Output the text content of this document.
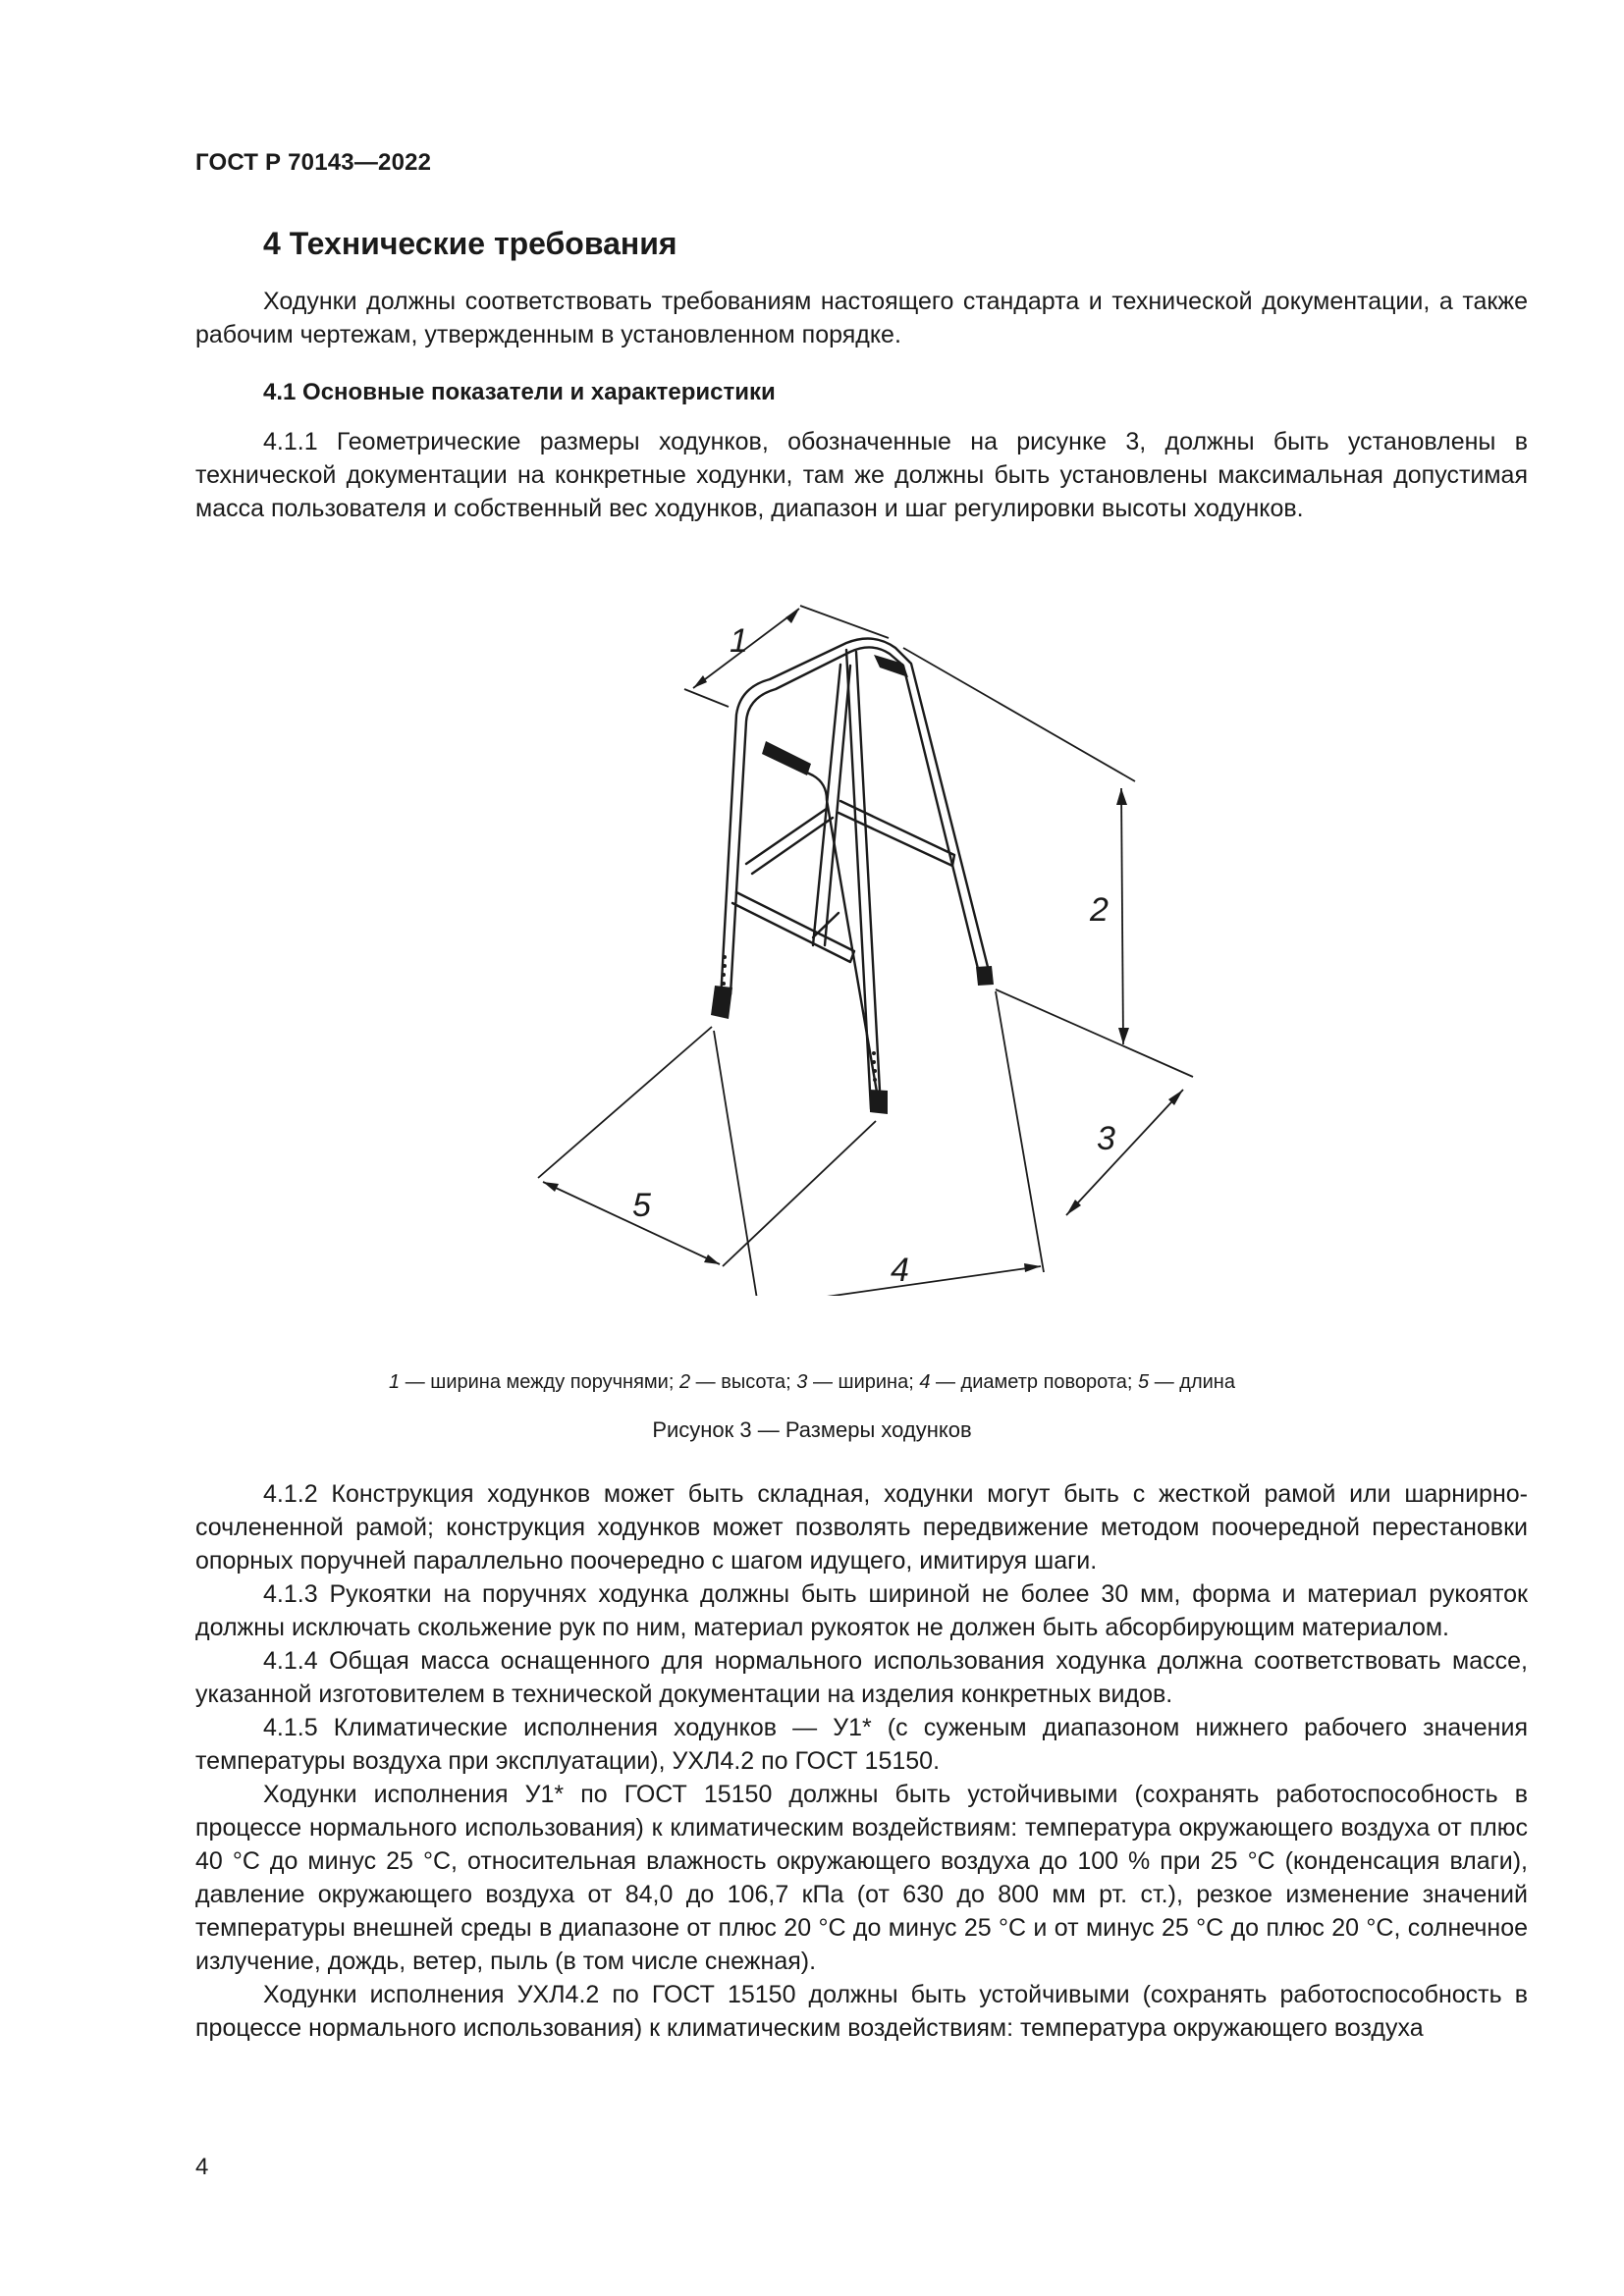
ГОСТ Р 70143—2022
4 Технические требования

Ходунки должны соответствовать требованиям настоящего стандарта и технической документации, а также рабочим чертежам, утвержденным в установленном порядке.

4.1 Основные показатели и характеристики

4.1.1 Геометрические размеры ходунков, обозначенные на рисунке 3, должны быть установлены в технической документации на конкретные ходунки, там же должны быть установлены максимальная допустимая масса пользователя и собственный вес ходунков, диапазон и шаг регулировки высоты ходунков.

1
2
3
4
5
1 — ширина между поручнями; 2 — высота; 3 — ширина; 4 — диаметр поворота; 5 — длина
Рисунок 3 — Размеры ходунков

4.1.2 Конструкция ходунков может быть складная, ходунки могут быть с жесткой рамой или шарнирно-сочлененной рамой; конструкция ходунков может позволять передвижение методом поочередной перестановки опорных поручней параллельно поочередно с шагом идущего, имитируя шаги.

4.1.3 Рукоятки на поручнях ходунка должны быть шириной не более 30 мм, форма и материал рукояток должны исключать скольжение рук по ним, материал рукояток не должен быть абсорбирующим материалом.

4.1.4 Общая масса оснащенного для нормального использования ходунка должна соответствовать массе, указанной изготовителем в технической документации на изделия конкретных видов.

4.1.5 Климатические исполнения ходунков — У1* (с суженым диапазоном нижнего рабочего значения температуры воздуха при эксплуатации), УХЛ4.2 по ГОСТ 15150.

Ходунки исполнения У1* по ГОСТ 15150 должны быть устойчивыми (сохранять работоспособность в процессе нормального использования) к климатическим воздействиям: температура окружающего воздуха от плюс 40 °С до минус 25 °С, относительная влажность окружающего воздуха до 100 % при 25 °С (конденсация влаги), давление окружающего воздуха от 84,0 до 106,7 кПа (от 630 до 800 мм рт. ст.), резкое изменение значений температуры внешней среды в диапазоне от плюс 20 °С до минус 25 °С и от минус 25 °С до плюс 20 °С, солнечное излучение, дождь, ветер, пыль (в том числе снежная).

Ходунки исполнения УХЛ4.2 по ГОСТ 15150 должны быть устойчивыми (сохранять работоспособность в процессе нормального использования) к климатическим воздействиям: температура окружающего воздуха

4
